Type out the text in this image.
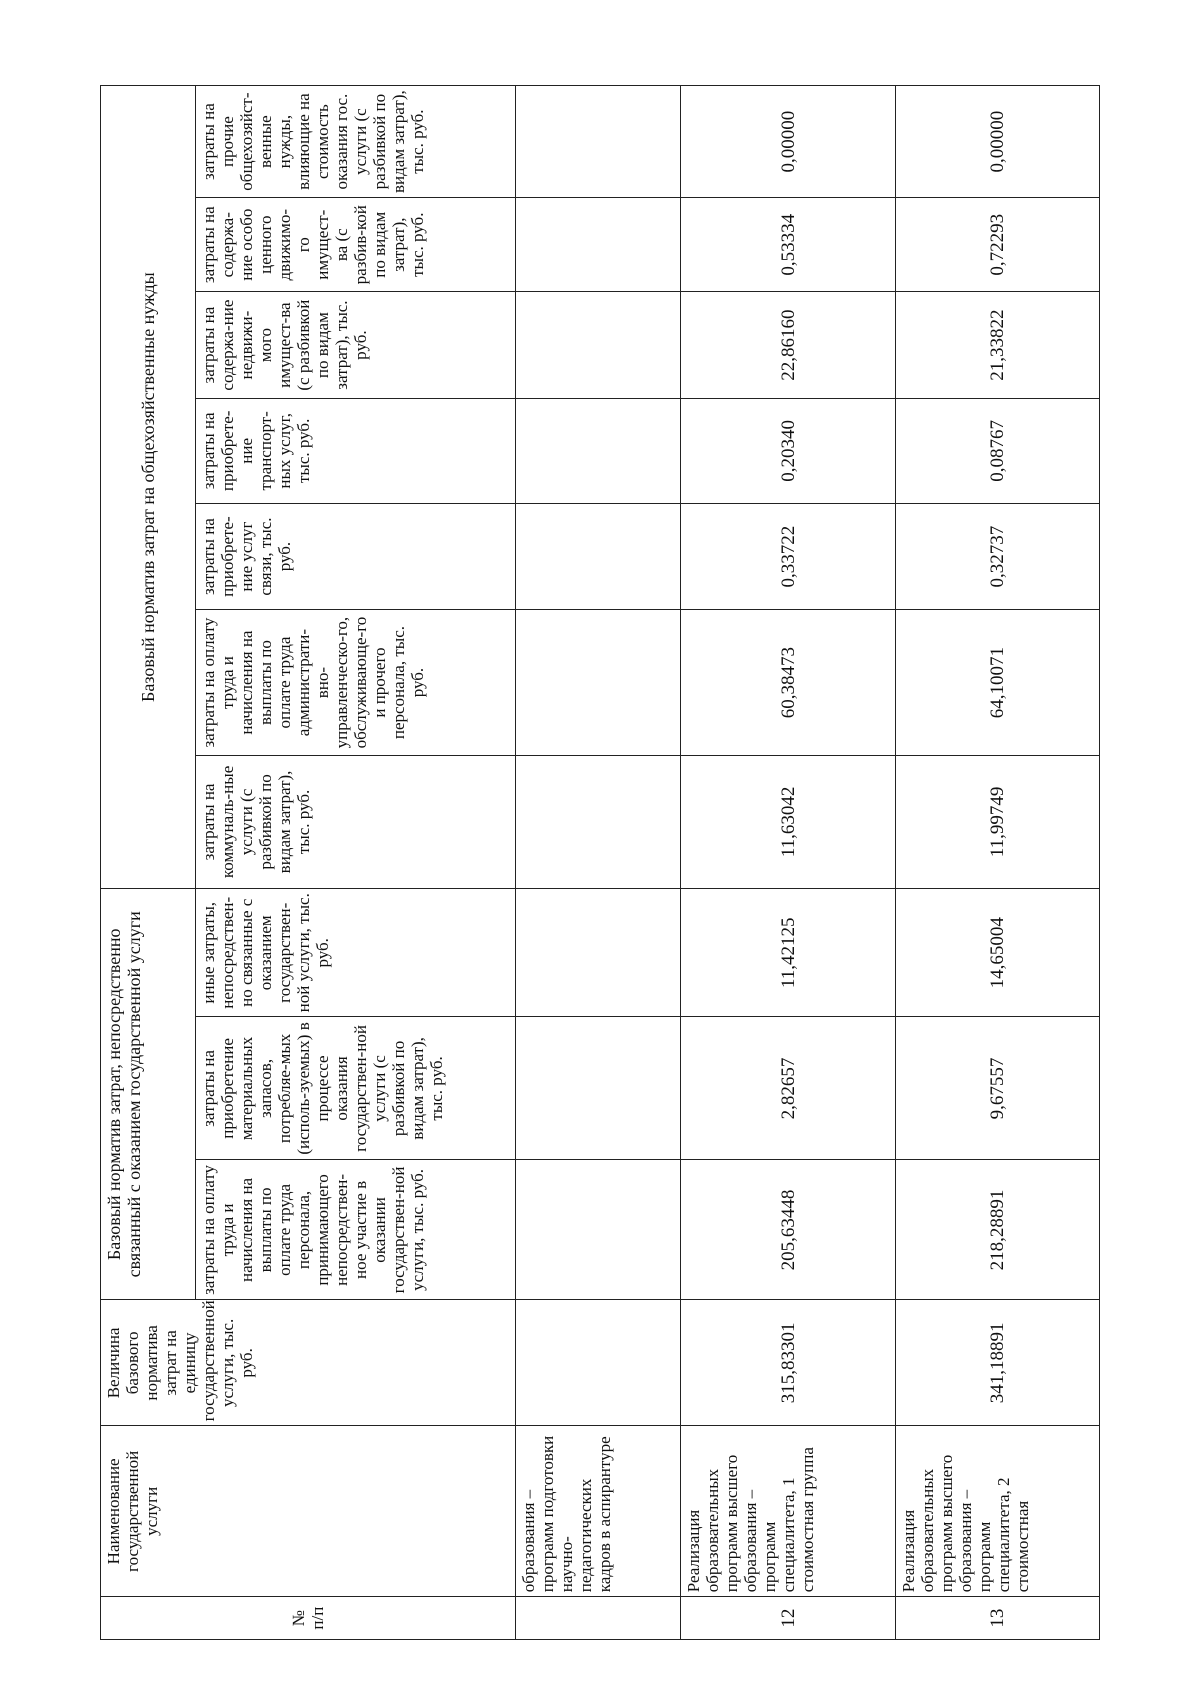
№ п/п	Наименование государственной услуги	Величина базового норматива затрат на единицу государственной услуги, тыс. руб.	Базовый норматив затрат, непосредственно связанный с оказанием государственной услуги			Базовый норматив затрат на общехозяйственные нужды						
			затраты на оплату труда и начисления на выплаты по оплате труда персонала, принимающего непосредствен-ное участие в оказании государствен-ной услуги, тыс. руб.	затраты на приобретение материальных запасов, потребляе-мых (исполь-зуемых) в процессе оказания государствен-ной услуги (с разбивкой по видам затрат), тыс. руб.	иные затраты, непосредствен-но связанные с оказанием государствен-ной услуги, тыс. руб.	затраты на коммуналь-ные услуги (с разбивкой по видам затрат), тыс. руб.	затраты на оплату труда и начисления на выплаты по оплате труда администрати-вно-управленческо-го, обслуживающе-го и прочего персонала, тыс. руб.	затраты на приобрете-ние услуг связи, тыс. руб.	затраты на приобрете-ние транспорт-ных услуг, тыс. руб.	затраты на содержа-ние недвижи-мого имущест-ва (с разбивкой по видам затрат), тыс. руб.	затраты на содержа-ние особо ценного движимо-го имущест-ва (с разбив-кой по видам затрат), тыс. руб.	затраты на прочие общехозяйст-венные нужды, влияющие на стоимость оказания гос. услуги (с разбивкой по видам затрат), тыс. руб.
	образования – программ подготовки научно-педагогических кадров в аспирантуре											
12	Реализация образовательных программ высшего образования – программ специалитета, 1 стоимостная группа	315,83301	205,63448	2,82657	11,42125	11,63042	60,38473	0,33722	0,20340	22,86160	0,53334	0,00000
13	Реализация образовательных программ высшего образования – программ специалитета, 2 стоимостная	341,18891	218,28891	9,67557	14,65004	11,99749	64,10071	0,32737	0,08767	21,33822	0,72293	0,00000
